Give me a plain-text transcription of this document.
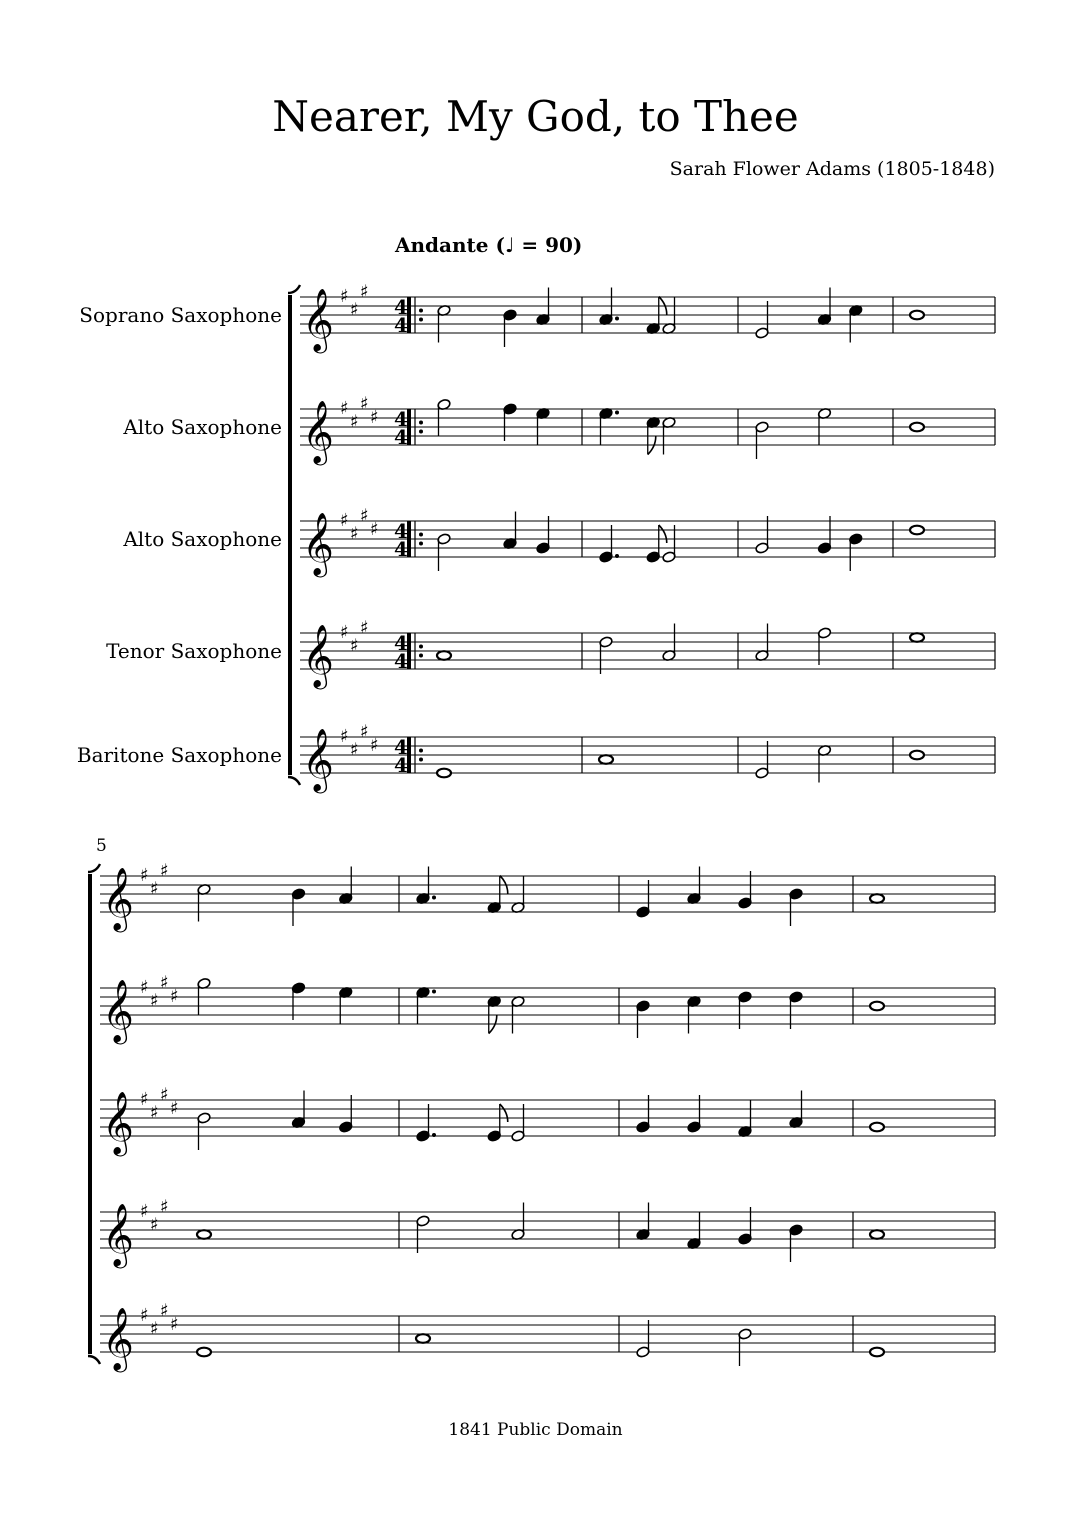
Nearer, My God, to Thee
Sarah Flower Adams (1805-1848)
Andante (♩ = 90)
Soprano Saxophone
Alto Saxophone
Alto Saxophone
Tenor Saxophone
Baritone Saxophone
5
𝄞 ♯
♯
♯
4
4
𝄞 ♯
♯
♯
♯ 4
4
𝄞 ♯
♯
♯
♯ 4
4
𝄞 ♯
♯
♯
4
4
𝄞 ♯
♯
♯
♯ 4
4
𝄞 ♯
♯
♯
𝄞 ♯
♯
♯
♯
𝄞 ♯
♯
♯
♯
𝄞 ♯
♯
♯
𝄞 ♯
♯
♯
♯
1841 Public Domain
